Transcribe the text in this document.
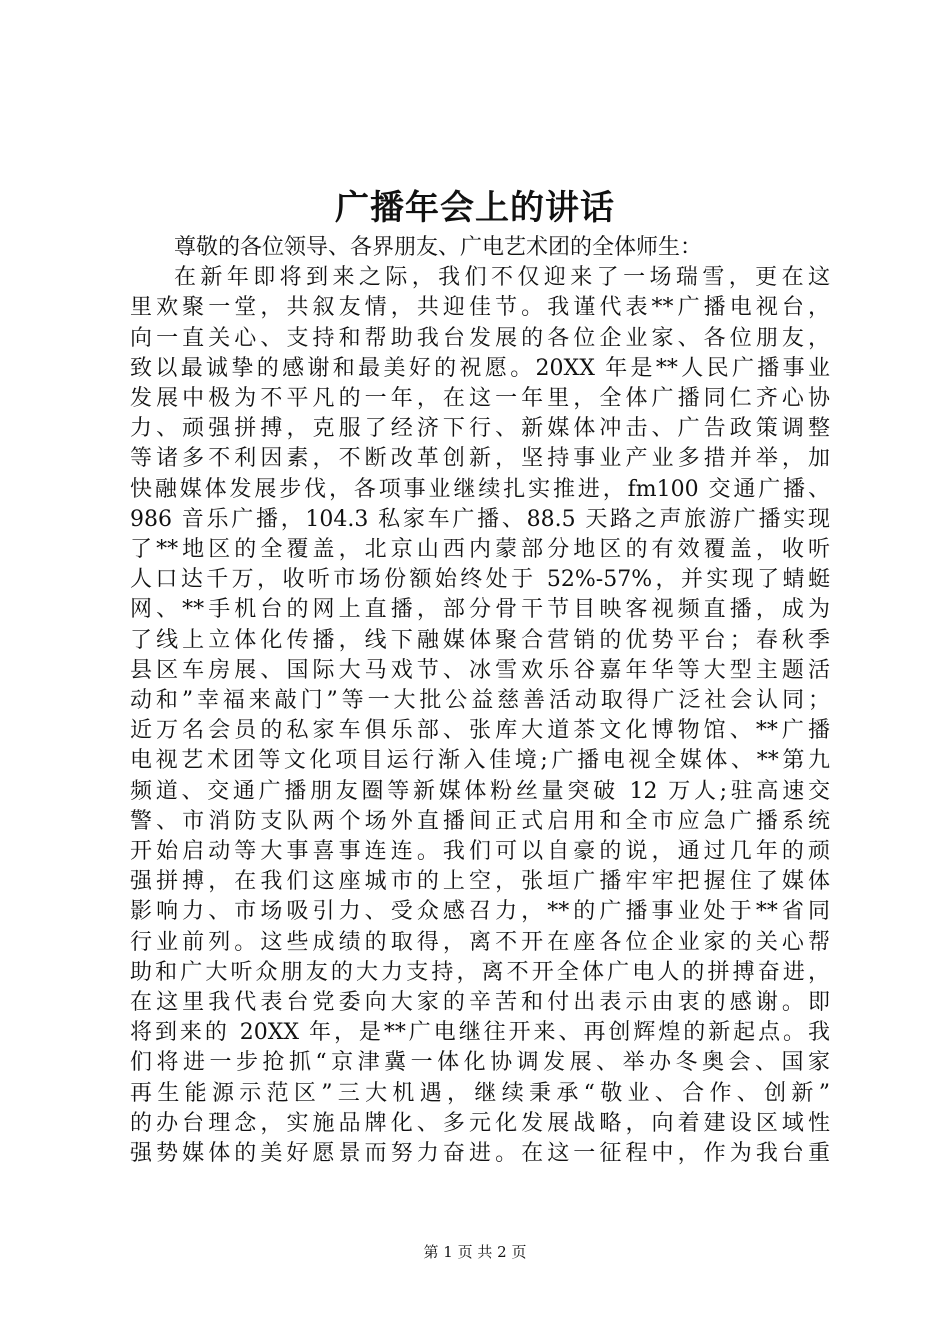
广播年会上的讲话
尊敬的各位领导、各界朋友、广电艺术团的全体师生：
在新年即将到来之际，我们不仅迎来了一场瑞雪，更在这
里欢聚一堂，共叙友情，共迎佳节。我谨代表**广播电视台，
向一直关心、支持和帮助我台发展的各位企业家、各位朋友，
致以最诚挚的感谢和最美好的祝愿。20XX 年是**人民广播事业
发展中极为不平凡的一年，在这一年里，全体广播同仁齐心协
力、顽强拼搏，克服了经济下行、新媒体冲击、广告政策调整
等诸多不利因素，不断改革创新，坚持事业产业多措并举，加
快融媒体发展步伐，各项事业继续扎实推进，fm100 交通广播、
986 音乐广播，104.3 私家车广播、88.5 天路之声旅游广播实现
了**地区的全覆盖，北京山西内蒙部分地区的有效覆盖，收听
人口达千万，收听市场份额始终处于 52%-57%，并实现了蜻蜓
网、**手机台的网上直播，部分骨干节目映客视频直播，成为
了线上立体化传播，线下融媒体聚合营销的优势平台；春秋季
县区车房展、国际大马戏节、冰雪欢乐谷嘉年华等大型主题活
动和”幸福来敲门”等一大批公益慈善活动取得广泛社会认同；
近万名会员的私家车俱乐部、张库大道茶文化博物馆、**广播
电视艺术团等文化项目运行渐入佳境;广播电视全媒体、**第九
频道、交通广播朋友圈等新媒体粉丝量突破 12 万人;驻高速交
警、市消防支队两个场外直播间正式启用和全市应急广播系统
开始启动等大事喜事连连。我们可以自豪的说，通过几年的顽
强拼搏，在我们这座城市的上空，张垣广播牢牢把握住了媒体
影响力、市场吸引力、受众感召力，**的广播事业处于**省同
行业前列。这些成绩的取得，离不开在座各位企业家的关心帮
助和广大听众朋友的大力支持，离不开全体广电人的拼搏奋进，
在这里我代表台党委向大家的辛苦和付出表示由衷的感谢。即
将到来的 20XX 年，是**广电继往开来、再创辉煌的新起点。我
们将进一步抢抓“京津冀一体化协调发展、举办冬奥会、国家
再生能源示范区”三大机遇，继续秉承“敬业、合作、创新”
的办台理念，实施品牌化、多元化发展战略，向着建设区域性
强势媒体的美好愿景而努力奋进。在这一征程中，作为我台重
第 1 页 共 2 页
